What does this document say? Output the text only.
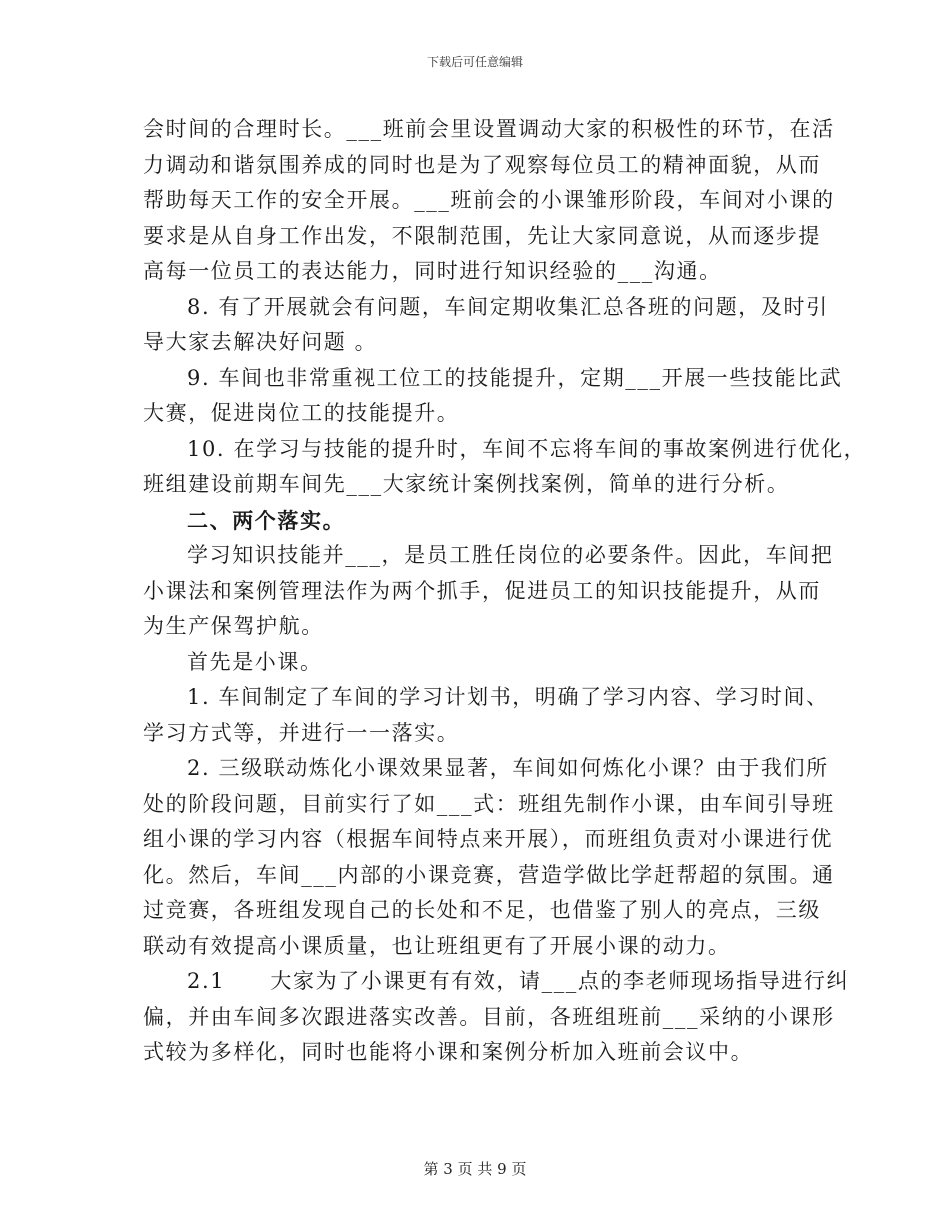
下载后可任意编辑
会时间的合理时长。___班前会里设置调动大家的积极性的环节，在活
力调动和谐氛围养成的同时也是为了观察每位员工的精神面貌，从而
帮助每天工作的安全开展。___班前会的小课雏形阶段，车间对小课的
要求是从自身工作出发，不限制范围，先让大家同意说，从而逐步提
高每一位员工的表达能力，同时进行知识经验的___沟通。
8. 有了开展就会有问题，车间定期收集汇总各班的问题，及时引
导大家去解决好问题 。
9. 车间也非常重视工位工的技能提升，定期___开展一些技能比武
大赛，促进岗位工的技能提升。
10. 在学习与技能的提升时，车间不忘将车间的事故案例进行优化，
班组建设前期车间先___大家统计案例找案例，简单的进行分析。
二、两个落实。
学习知识技能并___，是员工胜任岗位的必要条件。因此，车间把
小课法和案例管理法作为两个抓手，促进员工的知识技能提升，从而
为生产保驾护航。
首先是小课。
1. 车间制定了车间的学习计划书，明确了学习内容、学习时间、
学习方式等，并进行一一落实。
2. 三级联动炼化小课效果显著，车间如何炼化小课？由于我们所
处的阶段问题，目前实行了如___式：班组先制作小课，由车间引导班
组小课的学习内容（根据车间特点来开展），而班组负责对小课进行优
化。然后，车间___内部的小课竞赛，营造学做比学赶帮超的氛围。通
过竞赛，各班组发现自己的长处和不足，也借鉴了别人的亮点，三级
联动有效提高小课质量，也让班组更有了开展小课的动力。
2.1　　大家为了小课更有有效，请___点的李老师现场指导进行纠
偏，并由车间多次跟进落实改善。目前，各班组班前___采纳的小课形
式较为多样化，同时也能将小课和案例分析加入班前会议中。
第 3 页 共 9 页
